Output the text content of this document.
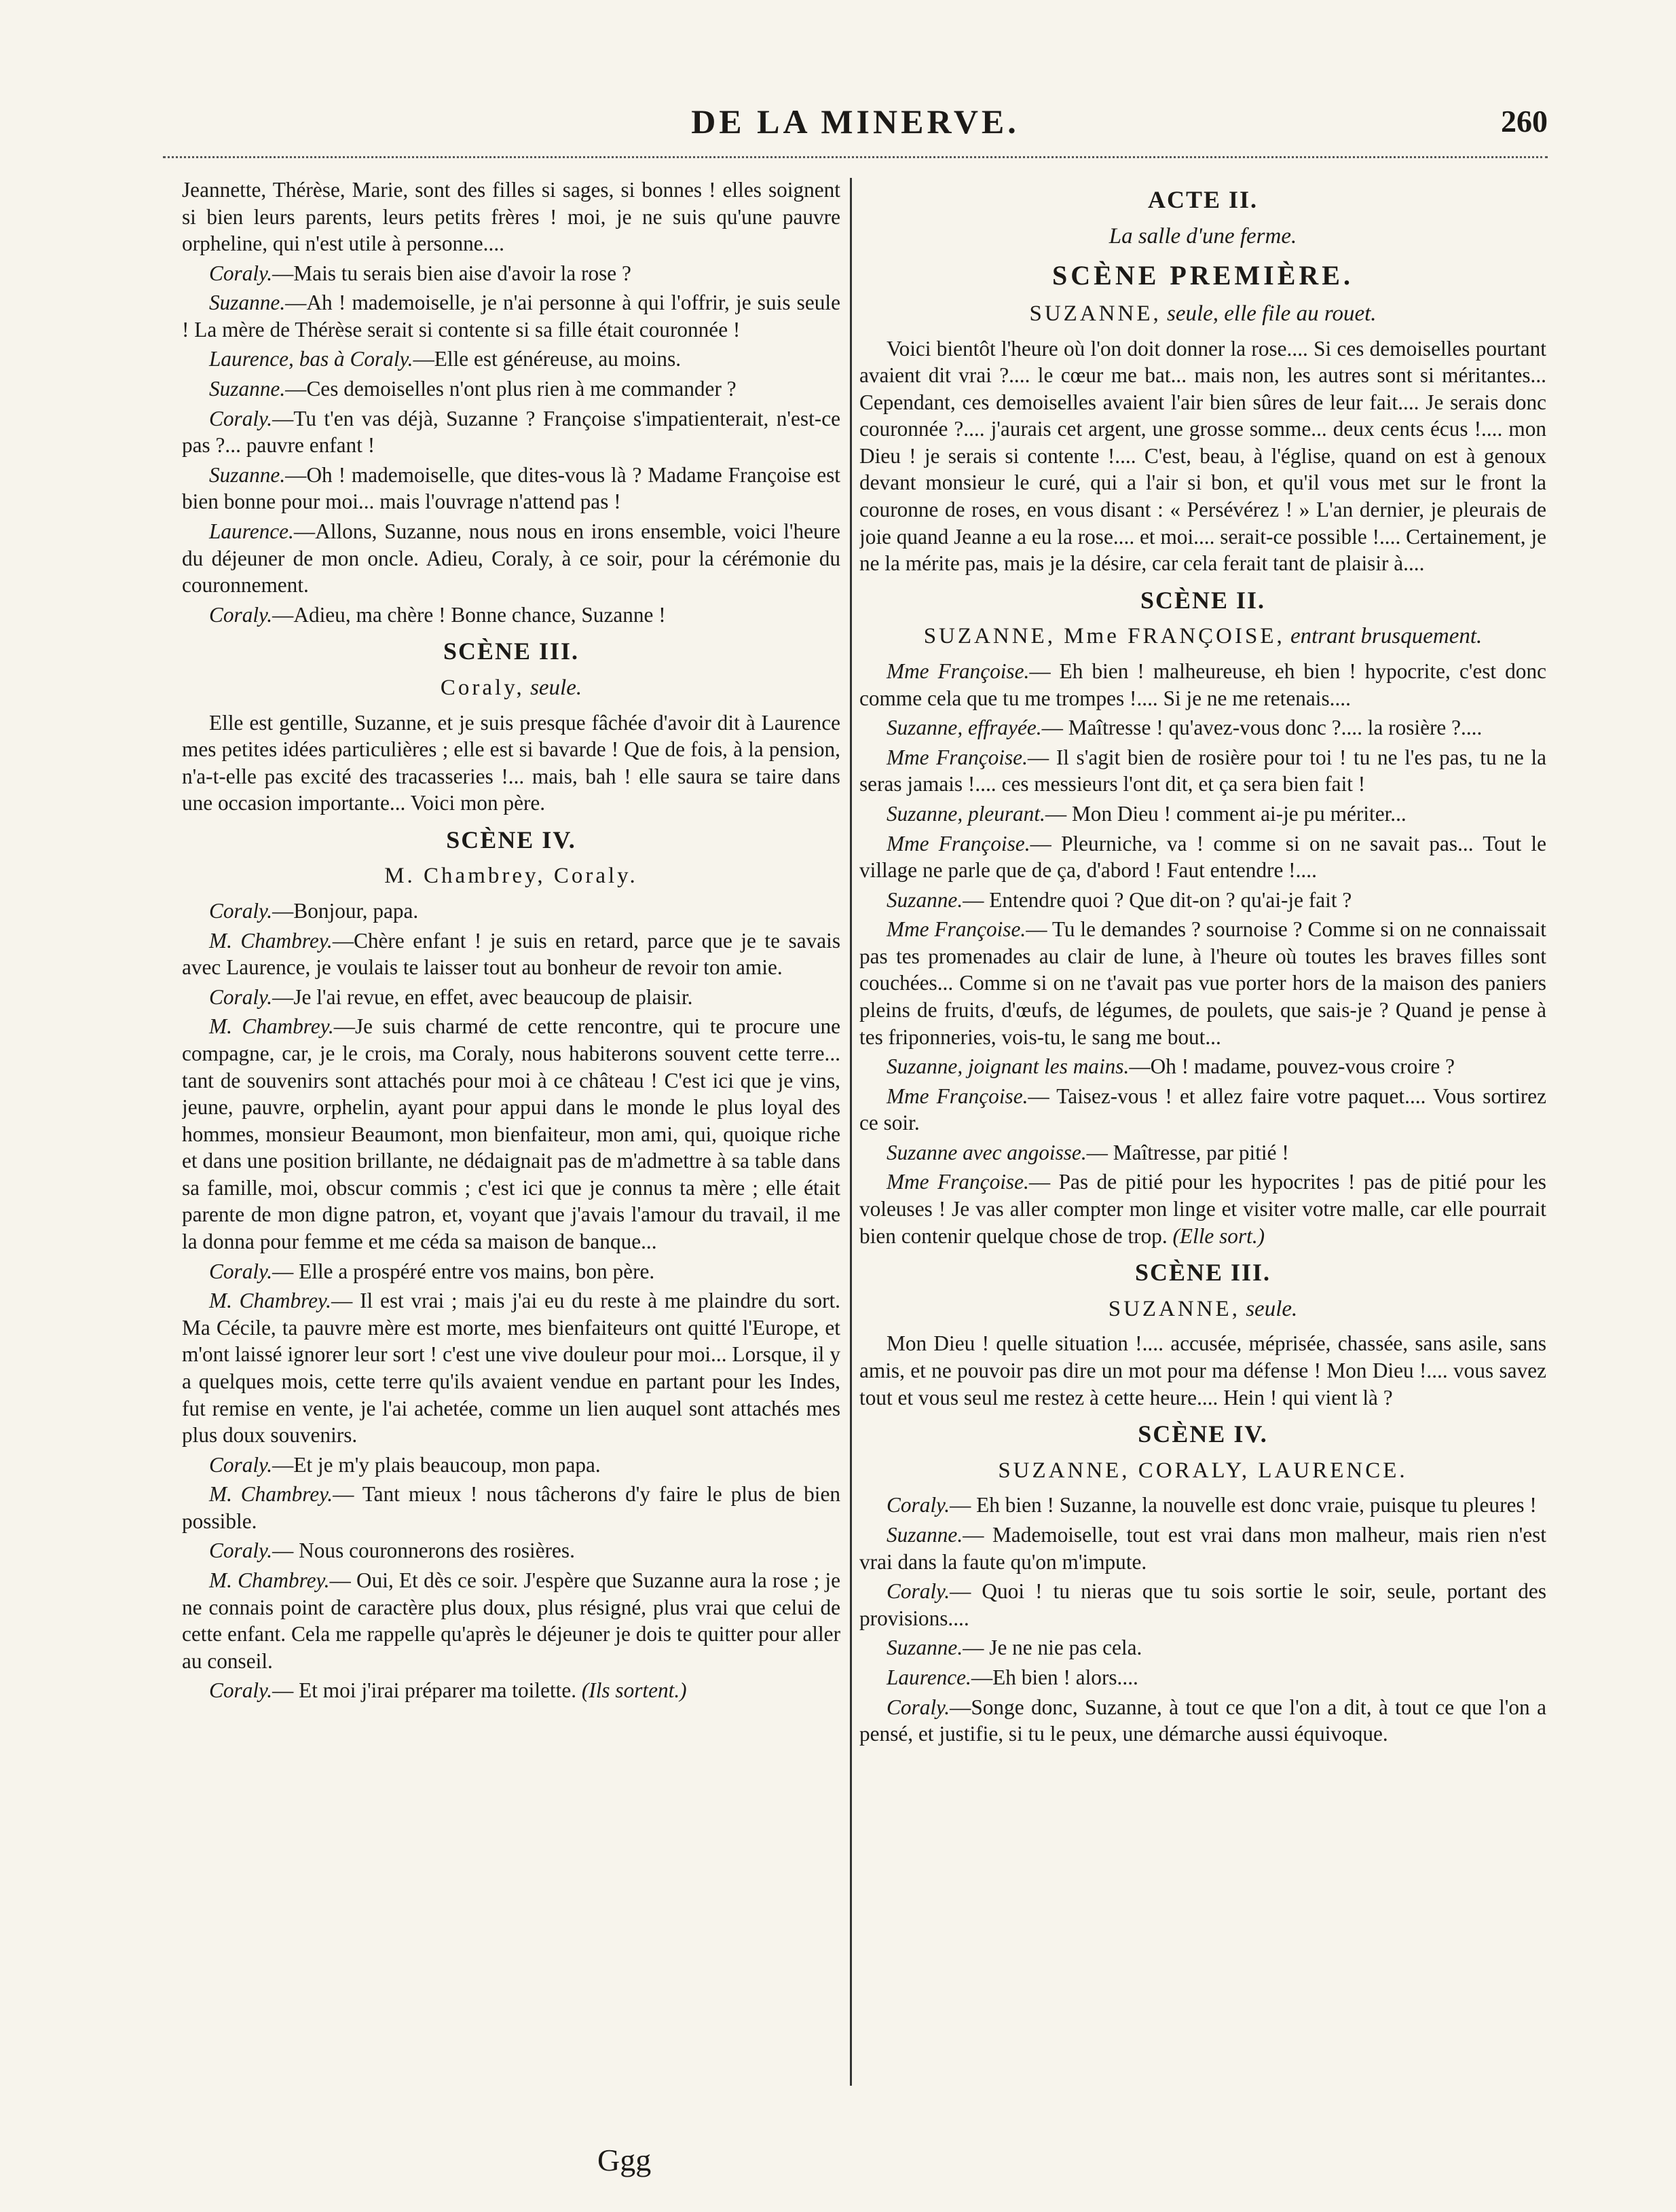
DE LA MINERVE.	260

Jeannette, Thérèse, Marie, sont des filles si sages, si bonnes ! elles soignent si bien leurs parents, leurs petits frères ! moi, je ne suis qu'une pauvre orpheline, qui n'est utile à personne....

Coraly.—Mais tu serais bien aise d'avoir la rose ?

Suzanne.—Ah ! mademoiselle, je n'ai personne à qui l'offrir, je suis seule ! La mère de Thérèse serait si contente si sa fille était couronnée !

Laurence, bas à Coraly.—Elle est généreuse, au moins.

Suzanne.—Ces demoiselles n'ont plus rien à me commander ?

Coraly.—Tu t'en vas déjà, Suzanne ? Françoise s'impatienterait, n'est-ce pas ?... pauvre enfant !

Suzanne.—Oh ! mademoiselle, que dites-vous là ? Madame Françoise est bien bonne pour moi... mais l'ouvrage n'attend pas !

Laurence.—Allons, Suzanne, nous nous en irons ensemble, voici l'heure du déjeuner de mon oncle. Adieu, Coraly, à ce soir, pour la cérémonie du couronnement.

Coraly.—Adieu, ma chère ! Bonne chance, Suzanne !

SCÈNE III.
Coraly, seule.

Elle est gentille, Suzanne, et je suis presque fâchée d'avoir dit à Laurence mes petites idées particulières ; elle est si bavarde ! Que de fois, à la pension, n'a-t-elle pas excité des tracasseries !... mais, bah ! elle saura se taire dans une occasion importante... Voici mon père.

SCÈNE IV.
M. Chambrey, Coraly.

Coraly.—Bonjour, papa.

M. Chambrey.—Chère enfant ! je suis en retard, parce que je te savais avec Laurence, je voulais te laisser tout au bonheur de revoir ton amie.

Coraly.—Je l'ai revue, en effet, avec beaucoup de plaisir.

M. Chambrey.—Je suis charmé de cette rencontre, qui te procure une compagne, car, je le crois, ma Coraly, nous habiterons souvent cette terre... tant de souvenirs sont attachés pour moi à ce château ! C'est ici que je vins, jeune, pauvre, orphelin, ayant pour appui dans le monde le plus loyal des hommes, monsieur Beaumont, mon bienfaiteur, mon ami, qui, quoique riche et dans une position brillante, ne dédaignait pas de m'admettre à sa table dans sa famille, moi, obscur commis ; c'est ici que je connus ta mère ; elle était parente de mon digne patron, et, voyant que j'avais l'amour du travail, il me la donna pour femme et me céda sa maison de banque...

Coraly.— Elle a prospéré entre vos mains, bon père.

M. Chambrey.— Il est vrai ; mais j'ai eu du reste à me plaindre du sort. Ma Cécile, ta pauvre mère est morte, mes bienfaiteurs ont quitté l'Europe, et m'ont laissé ignorer leur sort ! c'est une vive douleur pour moi... Lorsque, il y a quelques mois, cette terre qu'ils avaient vendue en partant pour les Indes, fut remise en vente, je l'ai achetée, comme un lien auquel sont attachés mes plus doux souvenirs.

Coraly.—Et je m'y plais beaucoup, mon papa.

M. Chambrey.— Tant mieux ! nous tâcherons d'y faire le plus de bien possible.

Coraly.— Nous couronnerons des rosières.

M. Chambrey.— Oui, Et dès ce soir. J'espère que Suzanne aura la rose ; je ne connais point de caractère plus doux, plus résigné, plus vrai que celui de cette enfant. Cela me rappelle qu'après le déjeuner je dois te quitter pour aller au conseil.

Coraly.— Et moi j'irai préparer ma toilette. (Ils sortent.)

ACTE II.
La salle d'une ferme.
SCÈNE PREMIÈRE.
SUZANNE, seule, elle file au rouet.

Voici bientôt l'heure où l'on doit donner la rose.... Si ces demoiselles pourtant avaient dit vrai ?.... le cœur me bat... mais non, les autres sont si méritantes... Cependant, ces demoiselles avaient l'air bien sûres de leur fait.... Je serais donc couronnée ?.... j'aurais cet argent, une grosse somme... deux cents écus !.... mon Dieu ! je serais si contente !.... C'est, beau, à l'église, quand on est à genoux devant monsieur le curé, qui a l'air si bon, et qu'il vous met sur le front la couronne de roses, en vous disant : « Persévérez ! » L'an dernier, je pleurais de joie quand Jeanne a eu la rose.... et moi.... serait-ce possible !.... Certainement, je ne la mérite pas, mais je la désire, car cela ferait tant de plaisir à....

SCÈNE II.
SUZANNE, Mme FRANÇOISE, entrant brusquement.

Mme Françoise.— Eh bien ! malheureuse, eh bien ! hypocrite, c'est donc comme cela que tu me trompes !.... Si je ne me retenais....

Suzanne, effrayée.— Maîtresse ! qu'avez-vous donc ?.... la rosière ?....

Mme Françoise.— Il s'agit bien de rosière pour toi ! tu ne l'es pas, tu ne la seras jamais !.... ces messieurs l'ont dit, et ça sera bien fait !

Suzanne, pleurant.— Mon Dieu ! comment ai-je pu mériter...

Mme Françoise.— Pleurniche, va ! comme si on ne savait pas... Tout le village ne parle que de ça, d'abord ! Faut entendre !....

Suzanne.— Entendre quoi ? Que dit-on ? qu'ai-je fait ?

Mme Françoise.— Tu le demandes ? sournoise ? Comme si on ne connaissait pas tes promenades au clair de lune, à l'heure où toutes les braves filles sont couchées... Comme si on ne t'avait pas vue porter hors de la maison des paniers pleins de fruits, d'œufs, de légumes, de poulets, que sais-je ? Quand je pense à tes friponneries, vois-tu, le sang me bout...

Suzanne, joignant les mains.—Oh ! madame, pouvez-vous croire ?

Mme Françoise.— Taisez-vous ! et allez faire votre paquet.... Vous sortirez ce soir.

Suzanne avec angoisse.— Maîtresse, par pitié !

Mme Françoise.— Pas de pitié pour les hypocrites ! pas de pitié pour les voleuses ! Je vas aller compter mon linge et visiter votre malle, car elle pourrait bien contenir quelque chose de trop. (Elle sort.)

SCÈNE III.
SUZANNE, seule.

Mon Dieu ! quelle situation !.... accusée, méprisée, chassée, sans asile, sans amis, et ne pouvoir pas dire un mot pour ma défense ! Mon Dieu !.... vous savez tout et vous seul me restez à cette heure.... Hein ! qui vient là ?

SCÈNE IV.
SUZANNE, CORALY, LAURENCE.

Coraly.— Eh bien ! Suzanne, la nouvelle est donc vraie, puisque tu pleures !

Suzanne.— Mademoiselle, tout est vrai dans mon malheur, mais rien n'est vrai dans la faute qu'on m'impute.

Coraly.— Quoi ! tu nieras que tu sois sortie le soir, seule, portant des provisions....

Suzanne.— Je ne nie pas cela.

Laurence.—Eh bien ! alors....

Coraly.—Songe donc, Suzanne, à tout ce que l'on a dit, à tout ce que l'on a pensé, et justifie, si tu le peux, une démarche aussi équivoque.

Ggg
